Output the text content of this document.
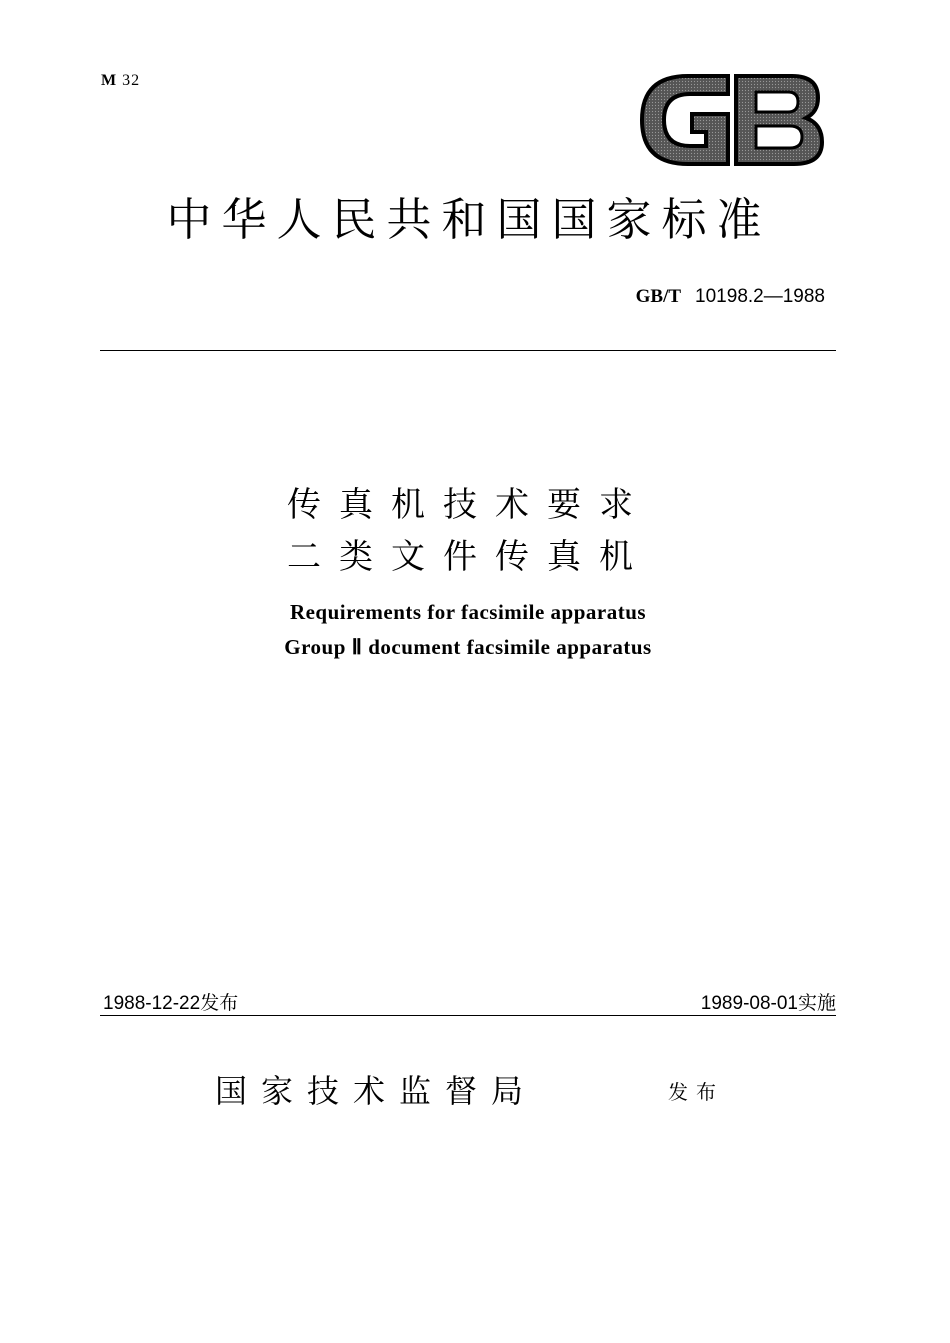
M 32
中华人民共和国国家标准
GB/T 10198.2—1988
传真机技术要求
二类文件传真机
Requirements for facsimile apparatus
Group Ⅱ document facsimile apparatus
1988-12-22发布	1989-08-01实施
国家技术监督局	发布
